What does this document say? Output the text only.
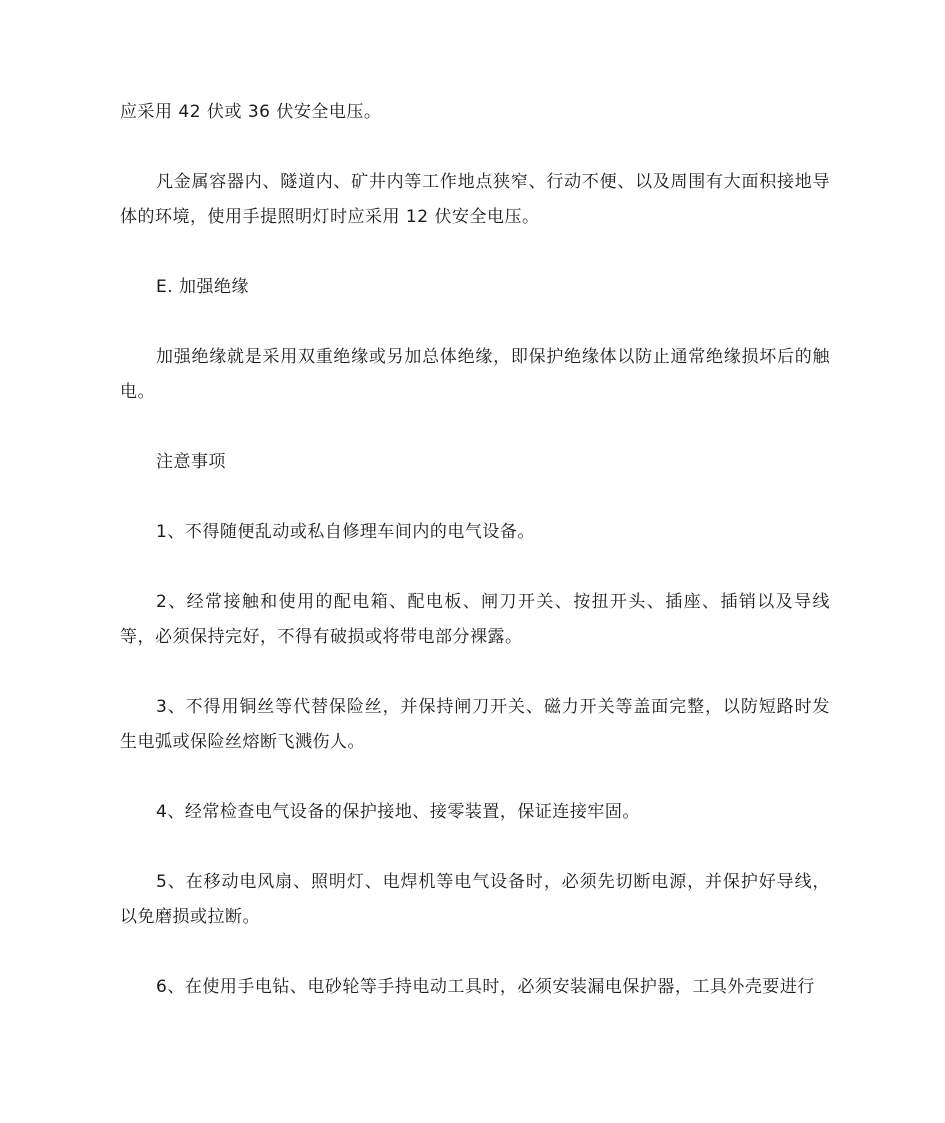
应采用 42 伏或 36 伏安全电压。

凡金属容器内、隧道内、矿井内等工作地点狭窄、行动不便、以及周围有大面积接地导体的环境，使用手提照明灯时应采用 12 伏安全电压。

E. 加强绝缘

加强绝缘就是采用双重绝缘或另加总体绝缘，即保护绝缘体以防止通常绝缘损坏后的触电。

注意事项

1、不得随便乱动或私自修理车间内的电气设备。

2、经常接触和使用的配电箱、配电板、闸刀开关、按扭开头、插座、插销以及导线等，必须保持完好，不得有破损或将带电部分裸露。

3、不得用铜丝等代替保险丝，并保持闸刀开关、磁力开关等盖面完整，以防短路时发生电弧或保险丝熔断飞溅伤人。

4、经常检查电气设备的保护接地、接零装置，保证连接牢固。

5、在移动电风扇、照明灯、电焊机等电气设备时，必须先切断电源，并保护好导线，以免磨损或拉断。

6、在使用手电钻、电砂轮等手持电动工具时，必须安装漏电保护器，工具外壳要进行
